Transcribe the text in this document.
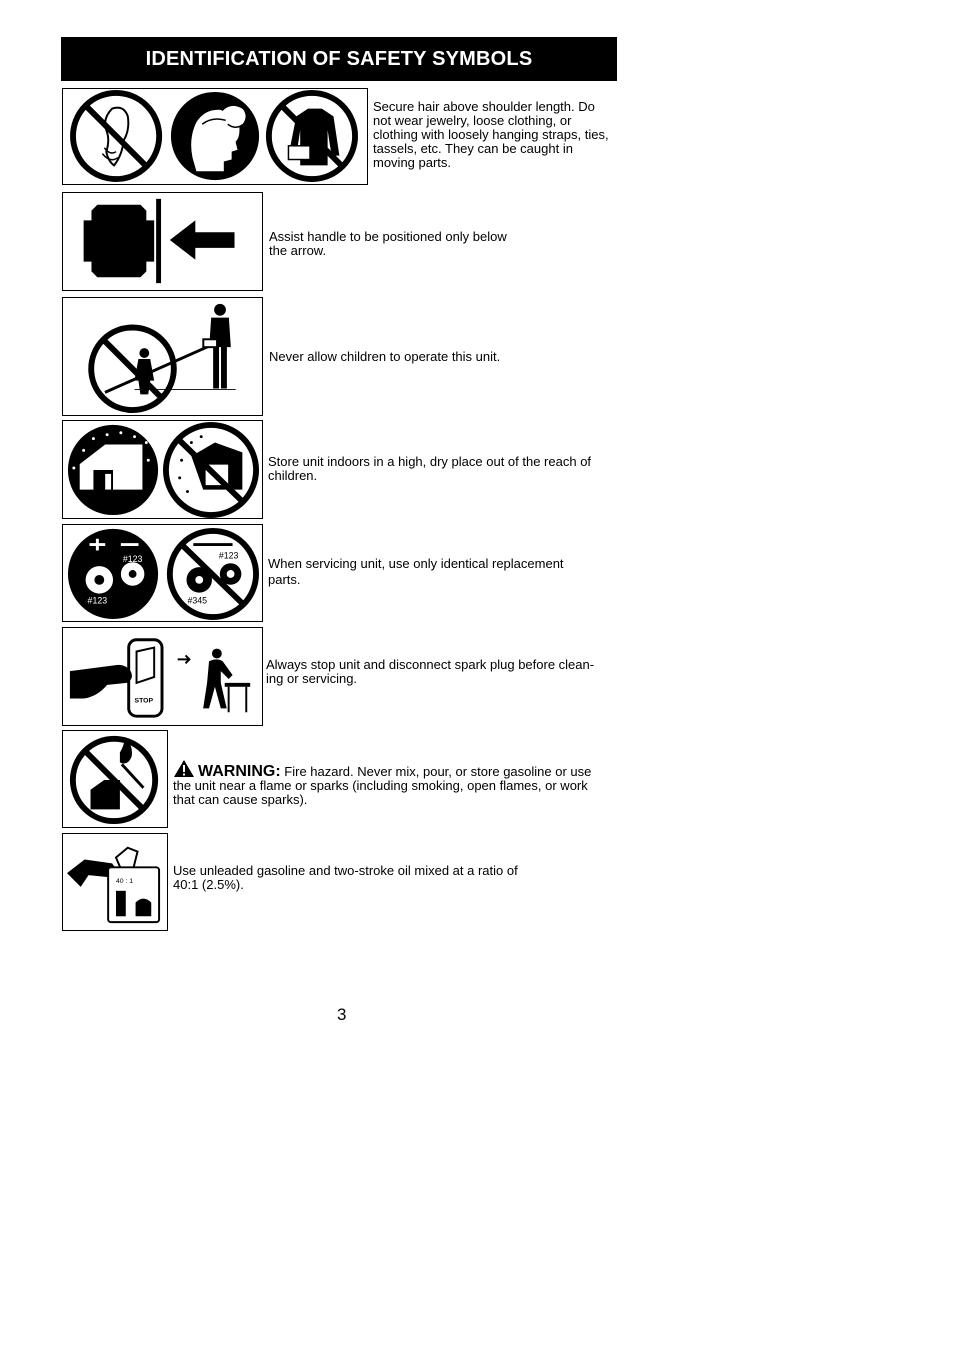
IDENTIFICATION OF SAFETY SYMBOLS
Secure hair above shoulder length. Do not wear jewelry, loose clothing, or clothing with loosely hanging straps, ties, tassels, etc. They can be caught in moving parts.
Assist handle to be positioned only below the arrow.
Never allow children to operate this unit.
Store unit indoors in a high, dry place out of the reach of children.
#123
#123
#123
#345
When servicing unit, use only identical replacement parts.
STOP
Always stop unit and disconnect spark plug before clean-ing or servicing.
WARNING: Fire hazard. Never mix, pour, or store gasoline or use the unit near a flame or sparks (including smoking, open flames, or work that can cause sparks).
40 : 1
Use unleaded gasoline and two-stroke oil mixed at a ratio of 40:1 (2.5%).
3
